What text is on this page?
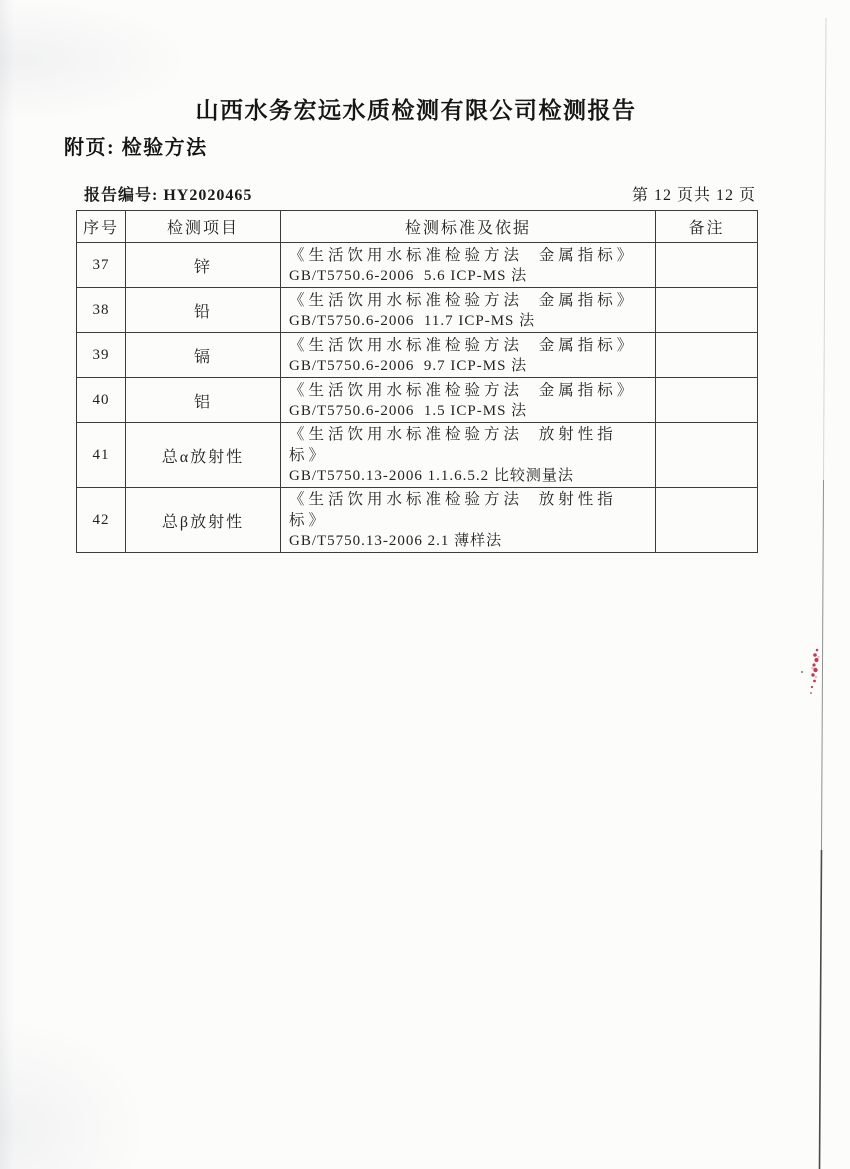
山西水务宏远水质检测有限公司检测报告
附页: 检验方法
报告编号: HY2020465	第 12 页共 12 页
序号	检测项目	检测标准及依据	备注
37	锌	《生活饮用水标准检验方法  金属指标》
GB/T5750.6-2006  5.6 ICP-MS 法	

38	铅	《生活饮用水标准检验方法  金属指标》
GB/T5750.6-2006  11.7 ICP-MS 法	

39	镉	《生活饮用水标准检验方法  金属指标》
GB/T5750.6-2006  9.7 ICP-MS 法	

40	铝	《生活饮用水标准检验方法  金属指标》
GB/T5750.6-2006  1.5 ICP-MS 法	

41	总α放射性	《生活饮用水标准检验方法  放射性指标》
GB/T5750.13-2006 1.1.6.5.2 比较测量法	

42	总β放射性	《生活饮用水标准检验方法  放射性指标》
GB/T5750.13-2006 2.1 薄样法	
